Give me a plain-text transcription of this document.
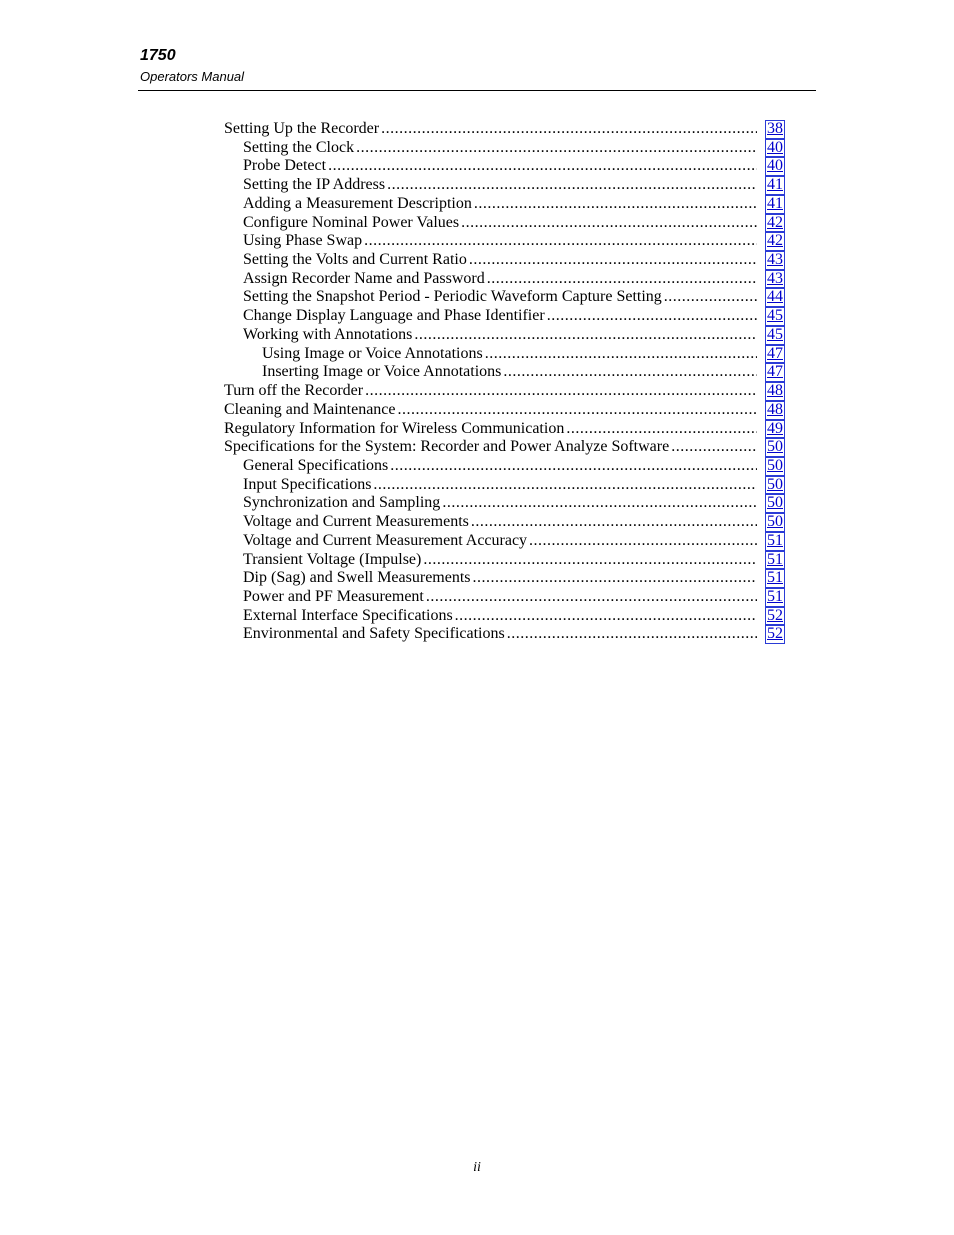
1750
Operators Manual
Setting Up the Recorder .....	38
Setting the Clock .....	40
Probe Detect .....	40
Setting the IP Address .....	41
Adding a Measurement Description .....	41
Configure Nominal Power Values .....	42
Using Phase Swap .....	42
Setting the Volts and Current Ratio .....	43
Assign Recorder Name and Password .....	43
Setting the Snapshot Period - Periodic Waveform Capture Setting .....	44
Change Display Language and Phase Identifier .....	45
Working with Annotations .....	45
Using Image or Voice Annotations .....	47
Inserting Image or Voice Annotations .....	47
Turn off the Recorder .....	48
Cleaning and Maintenance .....	48
Regulatory Information for Wireless Communication .....	49
Specifications for the System: Recorder and Power Analyze Software .....	50
General Specifications .....	50
Input Specifications .....	50
Synchronization and Sampling .....	50
Voltage and Current Measurements .....	50
Voltage and Current Measurement Accuracy .....	51
Transient Voltage (Impulse) .....	51
Dip (Sag) and Swell Measurements .....	51
Power and PF Measurement .....	51
External Interface Specifications .....	52
Environmental and Safety Specifications .....	52
ii
